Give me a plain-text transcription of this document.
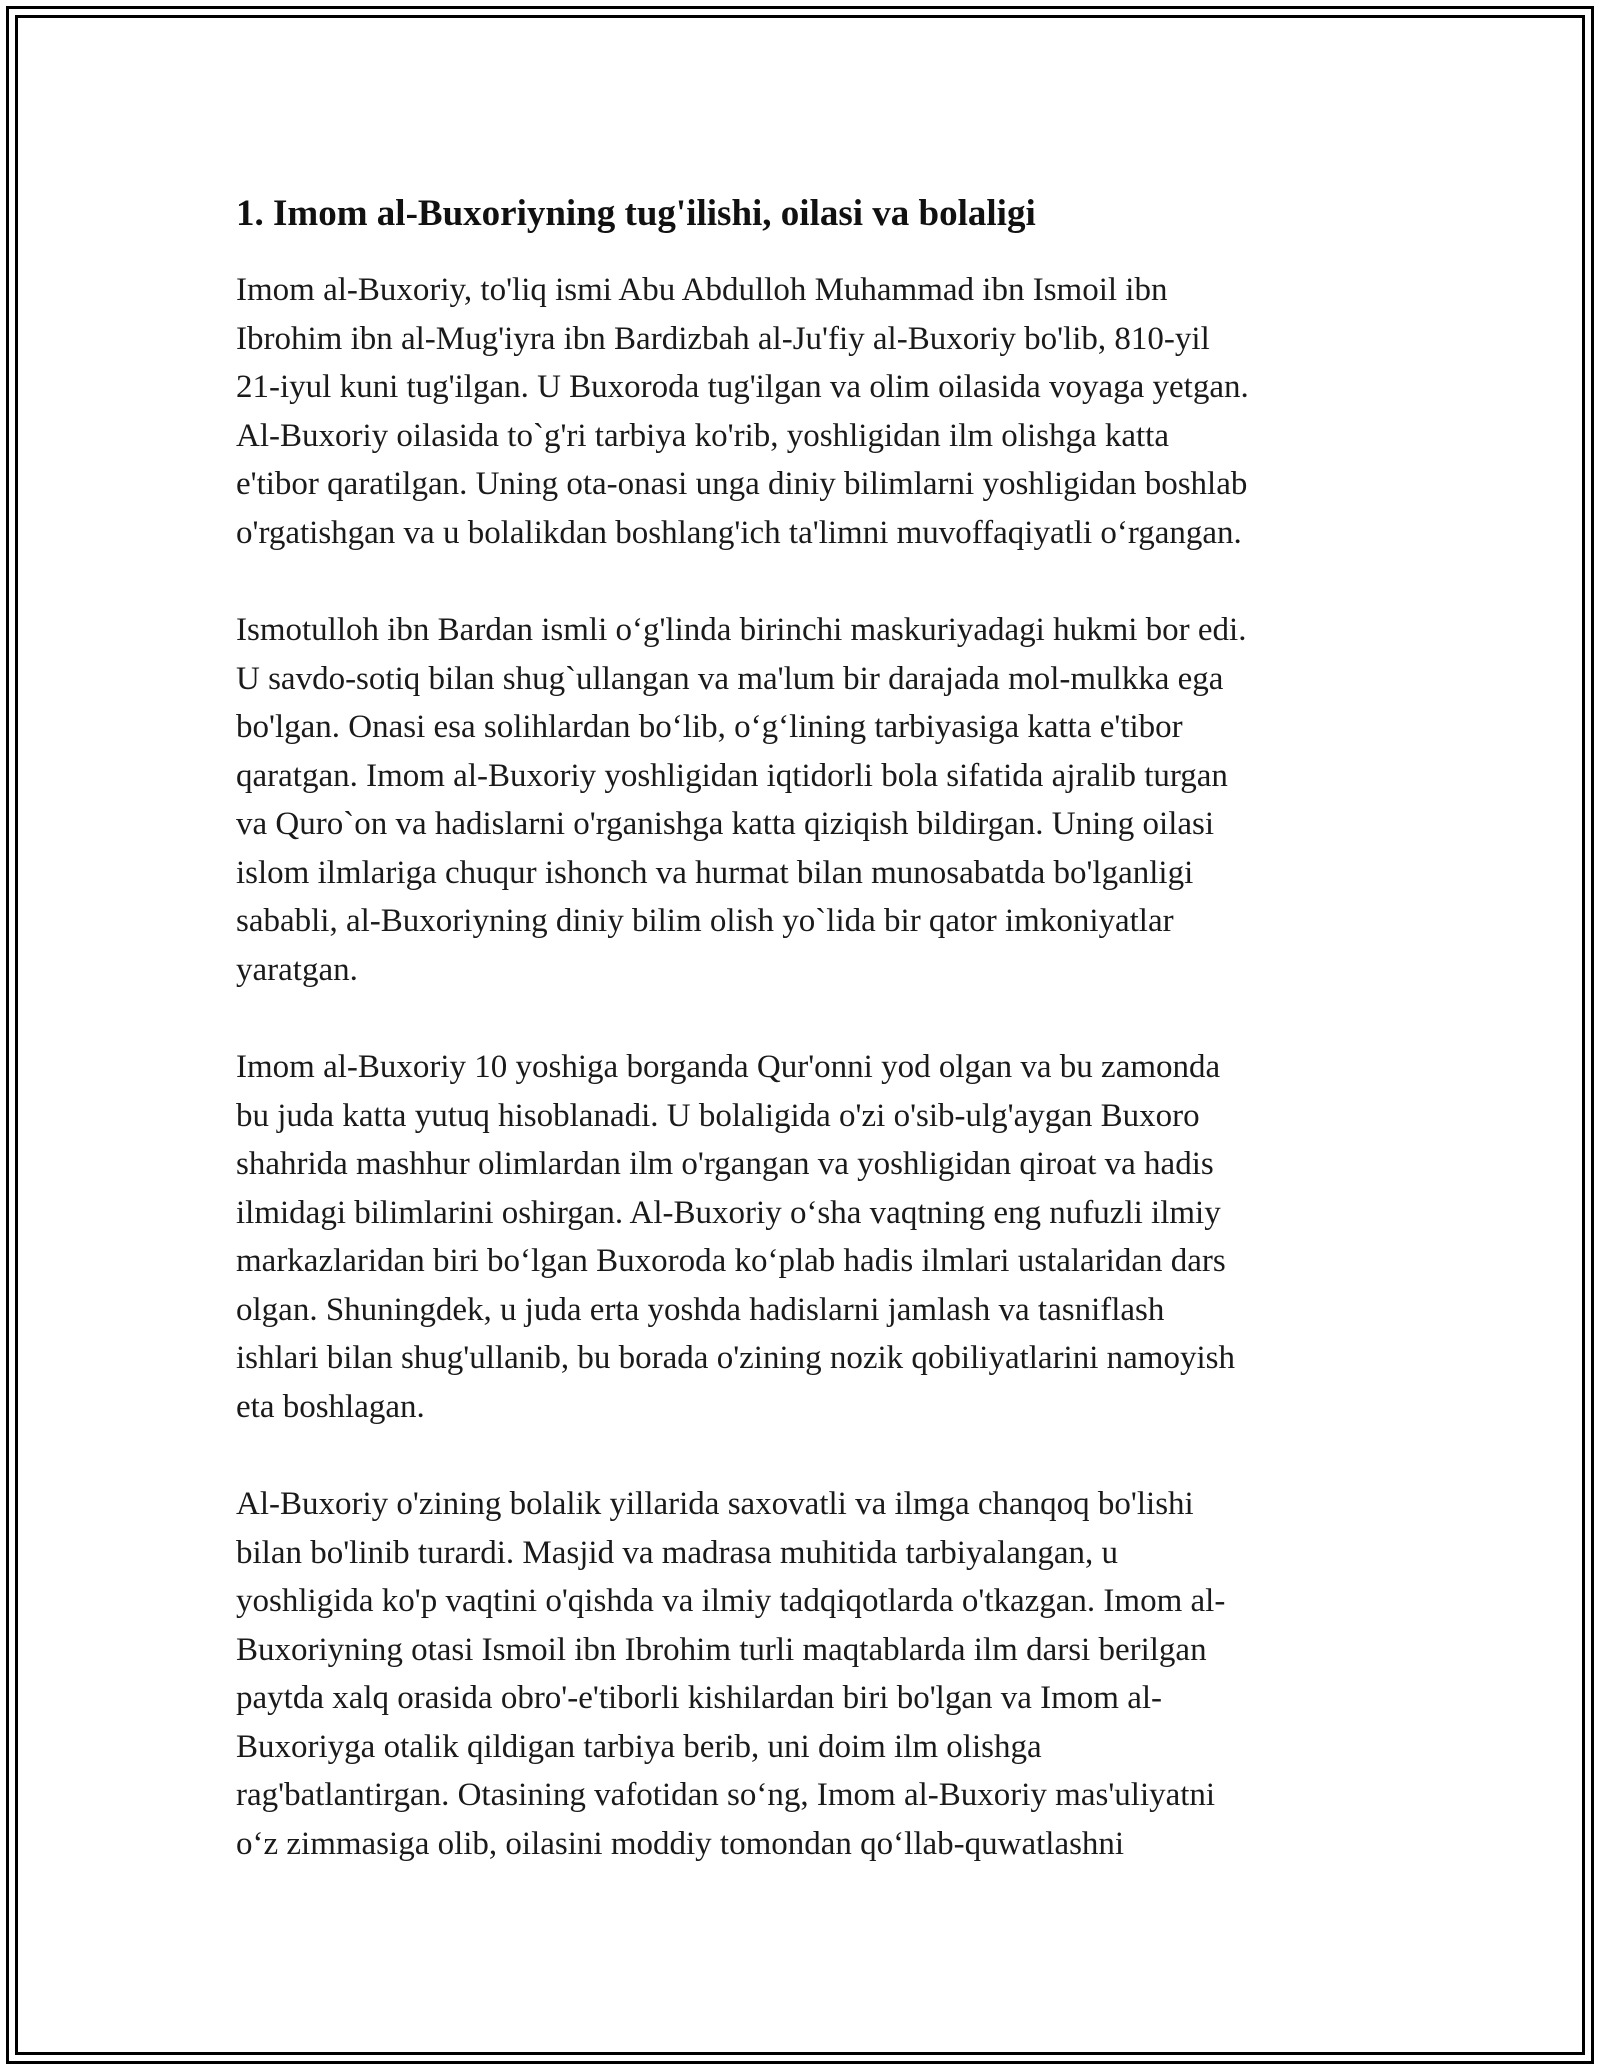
1. Imom al-Buxoriyning tug'ilishi, oilasi va bolaligi

Imom al-Buxoriy, to'liq ismi Abu Abdulloh Muhammad ibn Ismoil ibn
Ibrohim ibn al-Mug'iyra ibn Bardizbah al-Ju'fiy al-Buxoriy bo'lib, 810-yil
21-iyul kuni tug'ilgan. U Buxoroda tug'ilgan va olim oilasida voyaga yetgan.
Al-Buxoriy oilasida to`g'ri tarbiya ko'rib, yoshligidan ilm olishga katta
e'tibor qaratilgan. Uning ota-onasi unga diniy bilimlarni yoshligidan boshlab
o'rgatishgan va u bolalikdan boshlang'ich ta'limni muvoffaqiyatli o‘rgangan.

Ismotulloh ibn Bardan ismli o‘g'linda birinchi maskuriyadagi hukmi bor edi.
U savdo-sotiq bilan shug`ullangan va ma'lum bir darajada mol-mulkka ega
bo'lgan. Onasi esa solihlardan bo‘lib, o‘g‘lining tarbiyasiga katta e'tibor
qaratgan. Imom al-Buxoriy yoshligidan iqtidorli bola sifatida ajralib turgan
va Quro`on va hadislarni o'rganishga katta qiziqish bildirgan. Uning oilasi
islom ilmlariga chuqur ishonch va hurmat bilan munosabatda bo'lganligi
sababli, al-Buxoriyning diniy bilim olish yo`lida bir qator imkoniyatlar
yaratgan.

Imom al-Buxoriy 10 yoshiga borganda Qur'onni yod olgan va bu zamonda
bu juda katta yutuq hisoblanadi. U bolaligida o'zi o'sib-ulg'aygan Buxoro
shahrida mashhur olimlardan ilm o'rgangan va yoshligidan qiroat va hadis
ilmidagi bilimlarini oshirgan. Al-Buxoriy o‘sha vaqtning eng nufuzli ilmiy
markazlaridan biri bo‘lgan Buxoroda ko‘plab hadis ilmlari ustalaridan dars
olgan. Shuningdek, u juda erta yoshda hadislarni jamlash va tasniflash
ishlari bilan shug'ullanib, bu borada o'zining nozik qobiliyatlarini namoyish
eta boshlagan.

Al-Buxoriy o'zining bolalik yillarida saxovatli va ilmga chanqoq bo'lishi
bilan bo'linib turardi. Masjid va madrasa muhitida tarbiyalangan, u
yoshligida ko'p vaqtini o'qishda va ilmiy tadqiqotlarda o'tkazgan. Imom al-
Buxoriyning otasi Ismoil ibn Ibrohim turli maqtablarda ilm darsi berilgan
paytda xalq orasida obro'-e'tiborli kishilardan biri bo'lgan va Imom al-
Buxoriyga otalik qildigan tarbiya berib, uni doim ilm olishga
rag'batlantirgan. Otasining vafotidan so‘ng, Imom al-Buxoriy mas'uliyatni
o‘z zimmasiga olib, oilasini moddiy tomondan qo‘llab-quwatlashni
